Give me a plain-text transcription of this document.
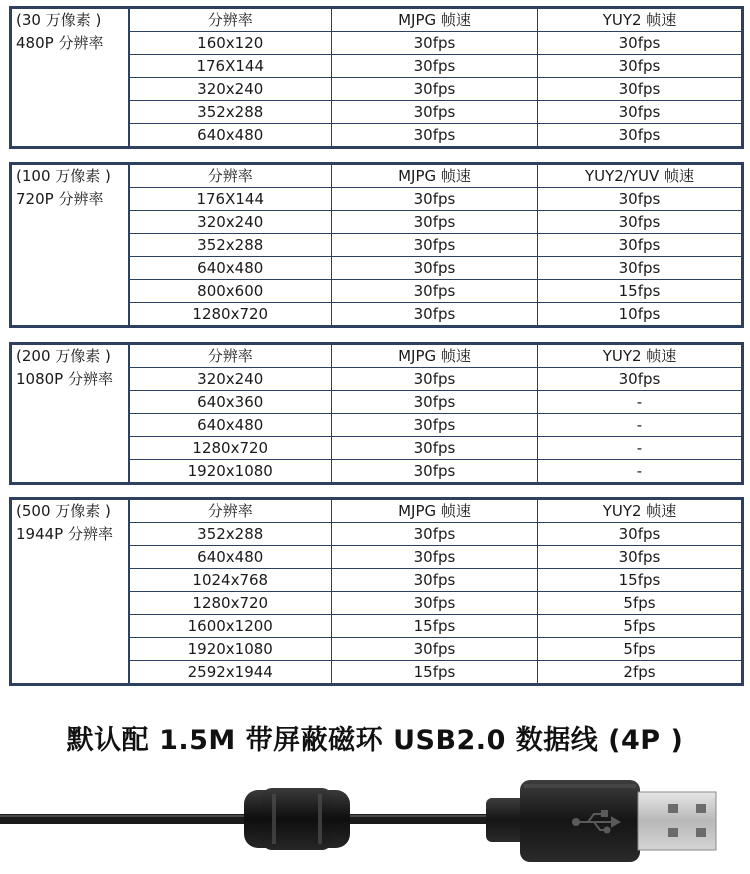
(30 万像素 )
480P 分辨率	分辨率	MJPG 帧速	YUY2 帧速
	160x120	30fps	30fps
	176X144	30fps	30fps
	320x240	30fps	30fps
	352x288	30fps	30fps
	640x480	30fps	30fps
(100 万像素 )
720P 分辨率	分辨率	MJPG 帧速	YUY2/YUV 帧速
	176X144	30fps	30fps
	320x240	30fps	30fps
	352x288	30fps	30fps
	640x480	30fps	30fps
	800x600	30fps	15fps
	1280x720	30fps	10fps
(200 万像素 )
1080P 分辨率	分辨率	MJPG 帧速	YUY2 帧速
	320x240	30fps	30fps
	640x360	30fps	-
	640x480	30fps	-
	1280x720	30fps	-
	1920x1080	30fps	-
(500 万像素 )
1944P 分辨率	分辨率	MJPG 帧速	YUY2 帧速
	352x288	30fps	30fps
	640x480	30fps	30fps
	1024x768	30fps	15fps
	1280x720	30fps	5fps
	1600x1200	15fps	5fps
	1920x1080	30fps	5fps
	2592x1944	15fps	2fps
默认配 1.5M 带屏蔽磁环 USB2.0 数据线 (4P )
